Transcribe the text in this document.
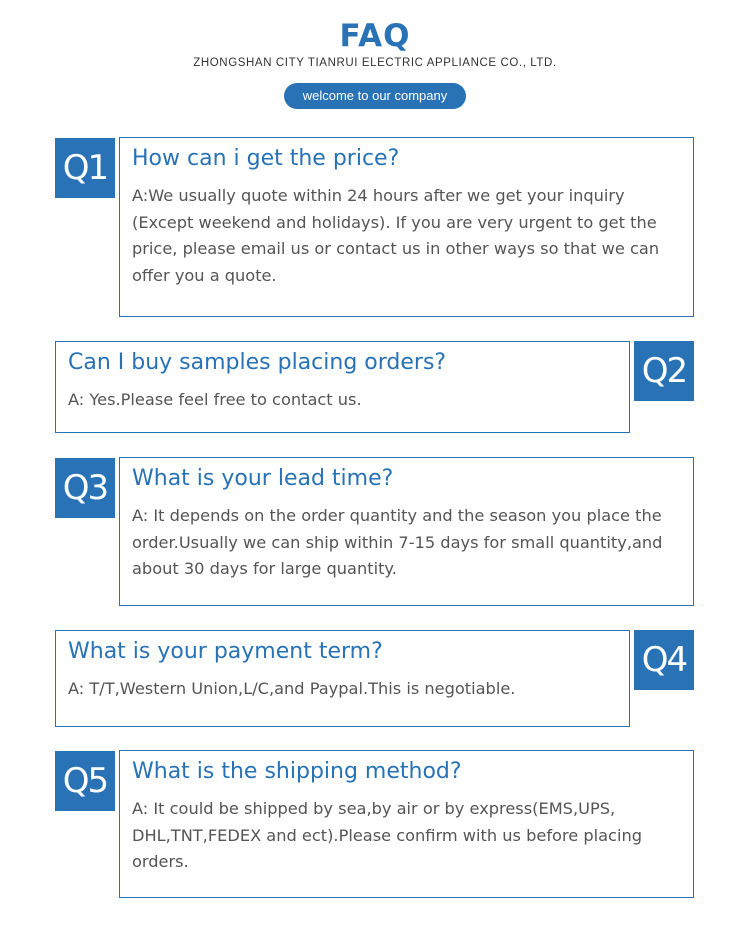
FAQ
ZHONGSHAN CITY TIANRUI ELECTRIC APPLIANCE CO., LTD.
welcome to our company
Q1	How can i get the price?

A:We usually quote within 24 hours after we get your inquiry (Except weekend and holidays). If you are very urgent to get the price, please email us or contact us in other ways so that we can offer you a quote.

Can I buy samples placing orders?

A: Yes.Please feel free to contact us.

Q2
Q3	What is your lead time?

A: It depends on the order quantity and the season you place the order.Usually we can ship within 7-15 days for small quantity,and about 30 days for large quantity.

What is your payment term?

A: T/T,Western Union,L/C,and Paypal.This is negotiable.

Q4
Q5	What is the shipping method?

A: It could be shipped by sea,by air or by express(EMS,UPS, DHL,TNT,FEDEX and ect).Please confirm with us before placing orders.
